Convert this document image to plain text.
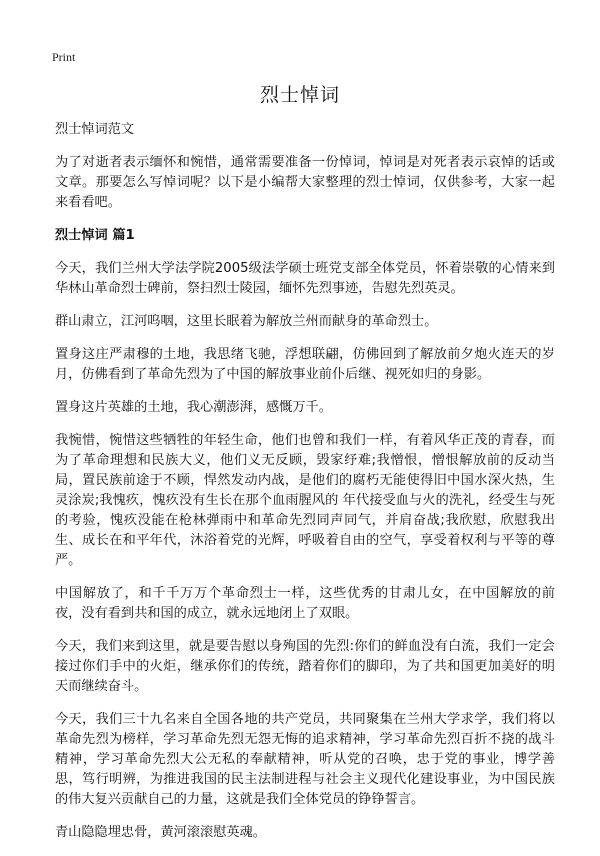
Print
烈士悼词

烈士悼词范文

为了对逝者表示缅怀和惋惜，通常需要准备一份悼词，悼词是对死者表示哀悼的话或文章。那要怎么写悼词呢？以下是小编帮大家整理的烈士悼词，仅供参考，大家一起来看看吧。

烈士悼词 篇1

今天，我们兰州大学法学院2005级法学硕士班党支部全体党员，怀着崇敬的心情来到华林山革命烈士碑前，祭扫烈士陵园，缅怀先烈事迹，告慰先烈英灵。

群山肃立，江河呜咽，这里长眠着为解放兰州而献身的革命烈士。

置身这庄严肃穆的土地，我思绪飞驰，浮想联翩，仿佛回到了解放前夕炮火连天的岁月，仿佛看到了革命先烈为了中国的解放事业前仆后继、视死如归的身影。

置身这片英雄的土地，我心潮澎湃，感慨万千。

我惋惜，惋惜这些牺牲的年轻生命，他们也曾和我们一样，有着风华正茂的青春，而为了革命理想和民族大义，他们义无反顾，毁家纾难;我憎恨，憎恨解放前的反动当局，置民族前途于不顾，悍然发动内战，是他们的腐朽无能使得旧中国水深火热，生灵涂炭;我愧疚，愧疚没有生长在那个血雨腥风的 年代接受血与火的洗礼，经受生与死的考验，愧疚没能在枪林弹雨中和革命先烈同声同气，并肩奋战;我欣慰，欣慰我出生、成长在和平年代，沐浴着党的光辉，呼吸着自由的空气，享受着权利与平等的尊严。

中国解放了，和千千万万个革命烈士一样，这些优秀的甘肃儿女，在中国解放的前夜，没有看到共和国的成立，就永远地闭上了双眼。

今天，我们来到这里，就是要告慰以身殉国的先烈:你们的鲜血没有白流，我们一定会接过你们手中的火炬，继承你们的传统，踏着你们的脚印，为了共和国更加美好的明天而继续奋斗。

今天，我们三十九名来自全国各地的共产党员，共同聚集在兰州大学求学，我们将以革命先烈为榜样，学习革命先烈无怨无悔的追求精神，学习革命先烈百折不挠的战斗精神，学习革命先烈大公无私的奉献精神，听从党的召唤，忠于党的事业，博学善思，笃行明辨，为推进我国的民主法制进程与社会主义现代化建设事业，为中国民族的伟大复兴贡献自己的力量，这就是我们全体党员的铮铮誓言。

青山隐隐埋忠骨，黄河滚滚慰英魂。
